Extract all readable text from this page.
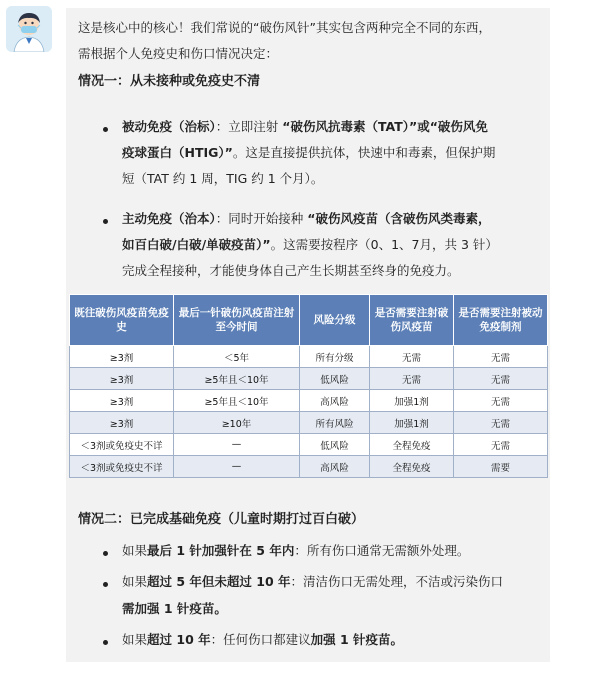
这是核心中的核心！我们常说的“破伤风针”其实包含两种完全不同的东西，
需根据个人免疫史和伤口情况决定：
情况一：从未接种或免疫史不清
被动免疫（治标）：立即注射 “破伤风抗毒素（TAT）”或“破伤风免
疫球蛋白（HTIG）”。这是直接提供抗体，快速中和毒素，但保护期
短（TAT 约 1 周，TIG 约 1 个月）。
主动免疫（治本）：同时开始接种 “破伤风疫苗（含破伤风类毒素，
如百白破/白破/单破疫苗）”。这需要按程序（0、1、7月，共 3 针）
完成全程接种，才能使身体自己产生长期甚至终身的免疫力。
既往破伤风疫苗免疫史	最后一针破伤风疫苗注射至今时间	风险分级	是否需要注射破伤风疫苗	是否需要注射被动免疫制剂
≥3剂	＜5年	所有分级	无需	无需
≥3剂	≥5年且＜10年	低风险	无需	无需
≥3剂	≥5年且＜10年	高风险	加强1剂	无需
≥3剂	≥10年	所有风险	加强1剂	无需
＜3剂或免疫史不详	—	低风险	全程免疫	无需
＜3剂或免疫史不详	—	高风险	全程免疫	需要
情况二：已完成基础免疫（儿童时期打过百白破）
如果最后 1 针加强针在 5 年内：所有伤口通常无需额外处理。
如果超过 5 年但未超过 10 年：清洁伤口无需处理，不洁或污染伤口
需加强 1 针疫苗。
如果超过 10 年：任何伤口都建议加强 1 针疫苗。
